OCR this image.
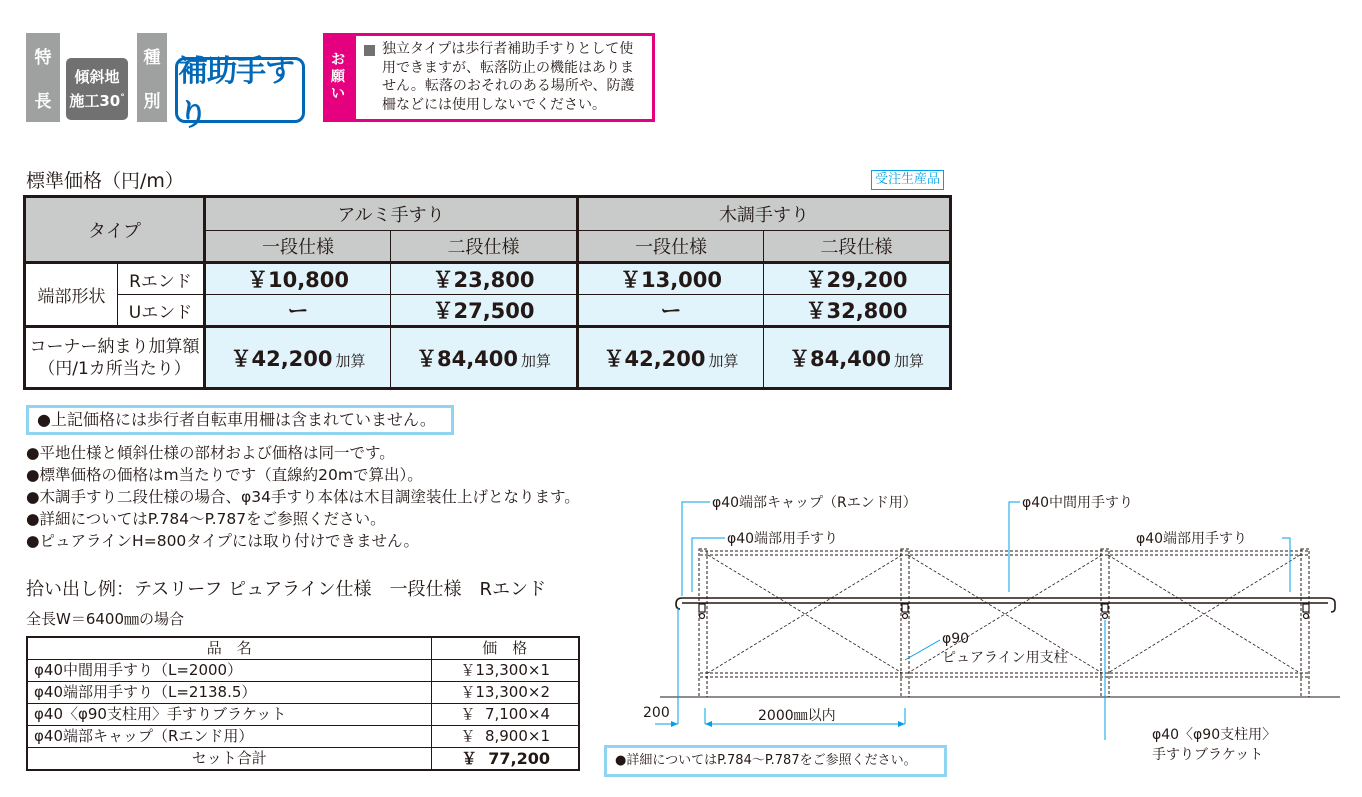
特
長
傾斜地
施工30°
種
別
補助手すり
お
願
い
独立タイプは歩行者補助手すりとして使用できますが、転落防止の機能はありません。転落のおそれのある場所や、防護柵などには使用しないでください。
標準価格（円/m）	受注生産品
タイプ		アルミ手すり		木調手すり	
		一段仕様	二段仕様	一段仕様	二段仕様
端部形状	Rエンド	￥10,800	￥23,800	￥13,000	￥29,200
	Uエンド	ー	￥27,500	ー	￥32,800

コーナー納まり加算額
（円/1カ所当たり）		￥42,200 加算	￥84,400 加算	￥42,200 加算	￥84,400 加算
●上記価格には歩行者自転車用柵は含まれていません。
●平地仕様と傾斜仕様の部材および価格は同一です。
●標準価格の価格はm当たりです（直線約20mで算出）。
●木調手すり二段仕様の場合、φ34手すり本体は木目調塗装仕上げとなります。
●詳細についてはP.784～P.787をご参照ください。
●ピュアラインH=800タイプには取り付けできません。
拾い出し例：テスリーフ ピュアライン仕様　一段仕様　Rエンド
全長W＝6400㎜の場合
品　名	価　格
φ40中間用手すり（L=2000）	￥13,300×1
φ40端部用手すり（L=2138.5）	￥13,300×2
φ40〈φ90支柱用〉手すりブラケット	￥  7,100×4
φ40端部キャップ（Rエンド用）	￥  8,900×1
セット合計	￥  77,200
φ40端部キャップ（Rエンド用）	φ40中間用手すり
φ40端部用手すり	φ40端部用手すり
φ90
ピュアライン用支柱
φ40〈φ90支柱用〉
手すりブラケット
200	2000㎜以内
●詳細についてはP.784～P.787をご参照ください。
